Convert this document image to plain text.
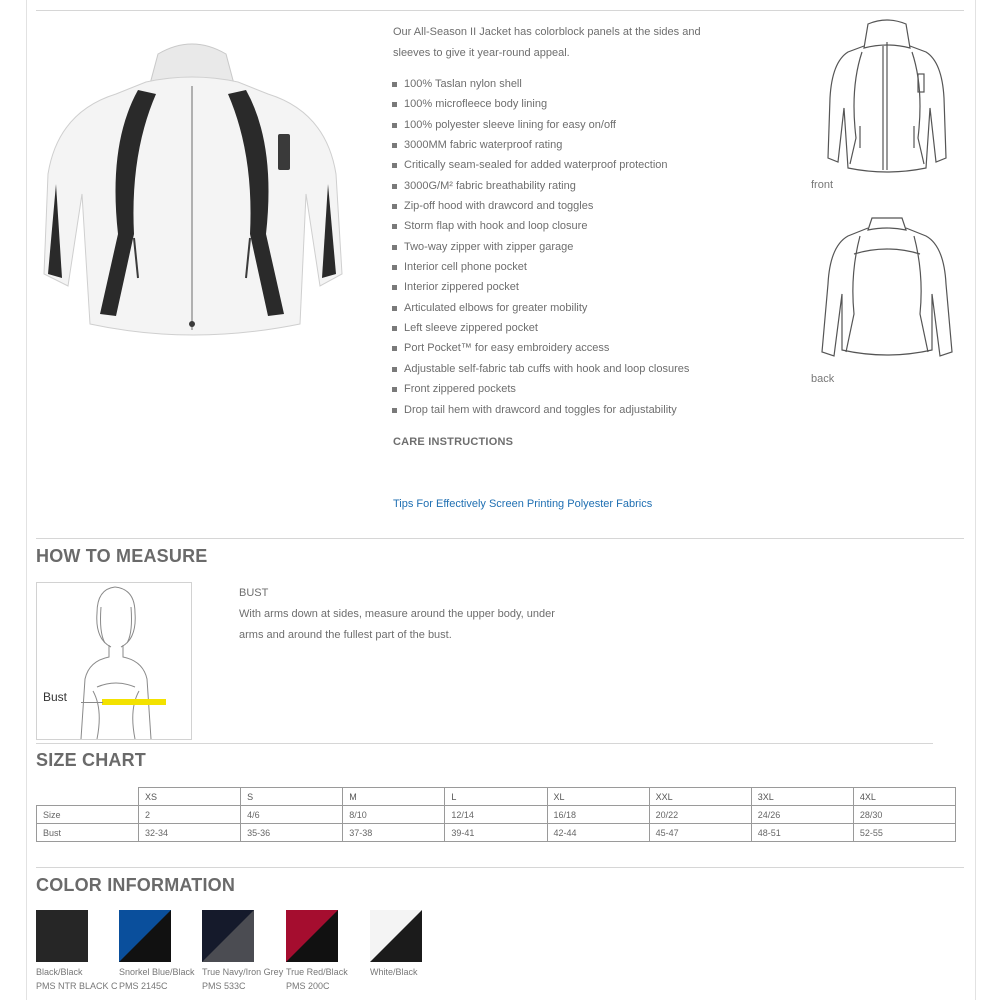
Our All-Season II Jacket has colorblock panels at the sides and sleeves to give it year-round appeal.
100% Taslan nylon shell
100% microfleece body lining
100% polyester sleeve lining for easy on/off
3000MM fabric waterproof rating
Critically seam-sealed for added waterproof protection
3000G/M² fabric breathability rating
Zip-off hood with drawcord and toggles
Storm flap with hook and loop closure
Two-way zipper with zipper garage
Interior cell phone pocket
Interior zippered pocket
Articulated elbows for greater mobility
Left sleeve zippered pocket
Port Pocket™ for easy embroidery access
Adjustable self-fabric tab cuffs with hook and loop closures
Front zippered pockets
Drop tail hem with drawcord and toggles for adjustability
CARE INSTRUCTIONS
Tips For Effectively Screen Printing Polyester Fabrics
front
back
HOW TO MEASURE
Bust
BUST
With arms down at sides, measure around the upper body, under arms and around the fullest part of the bust.
SIZE CHART
	XS	S	M	L	XL	XXL	3XL	4XL
Size	2	4/6	8/10	12/14	16/18	20/22	24/26	28/30
Bust	32-34	35-36	37-38	39-41	42-44	45-47	48-51	52-55
COLOR INFORMATION
Black/Black
PMS NTR BLACK C
Snorkel Blue/Black
PMS 2145C
True Navy/Iron Grey
PMS 533C
True Red/Black
PMS 200C
White/Black
